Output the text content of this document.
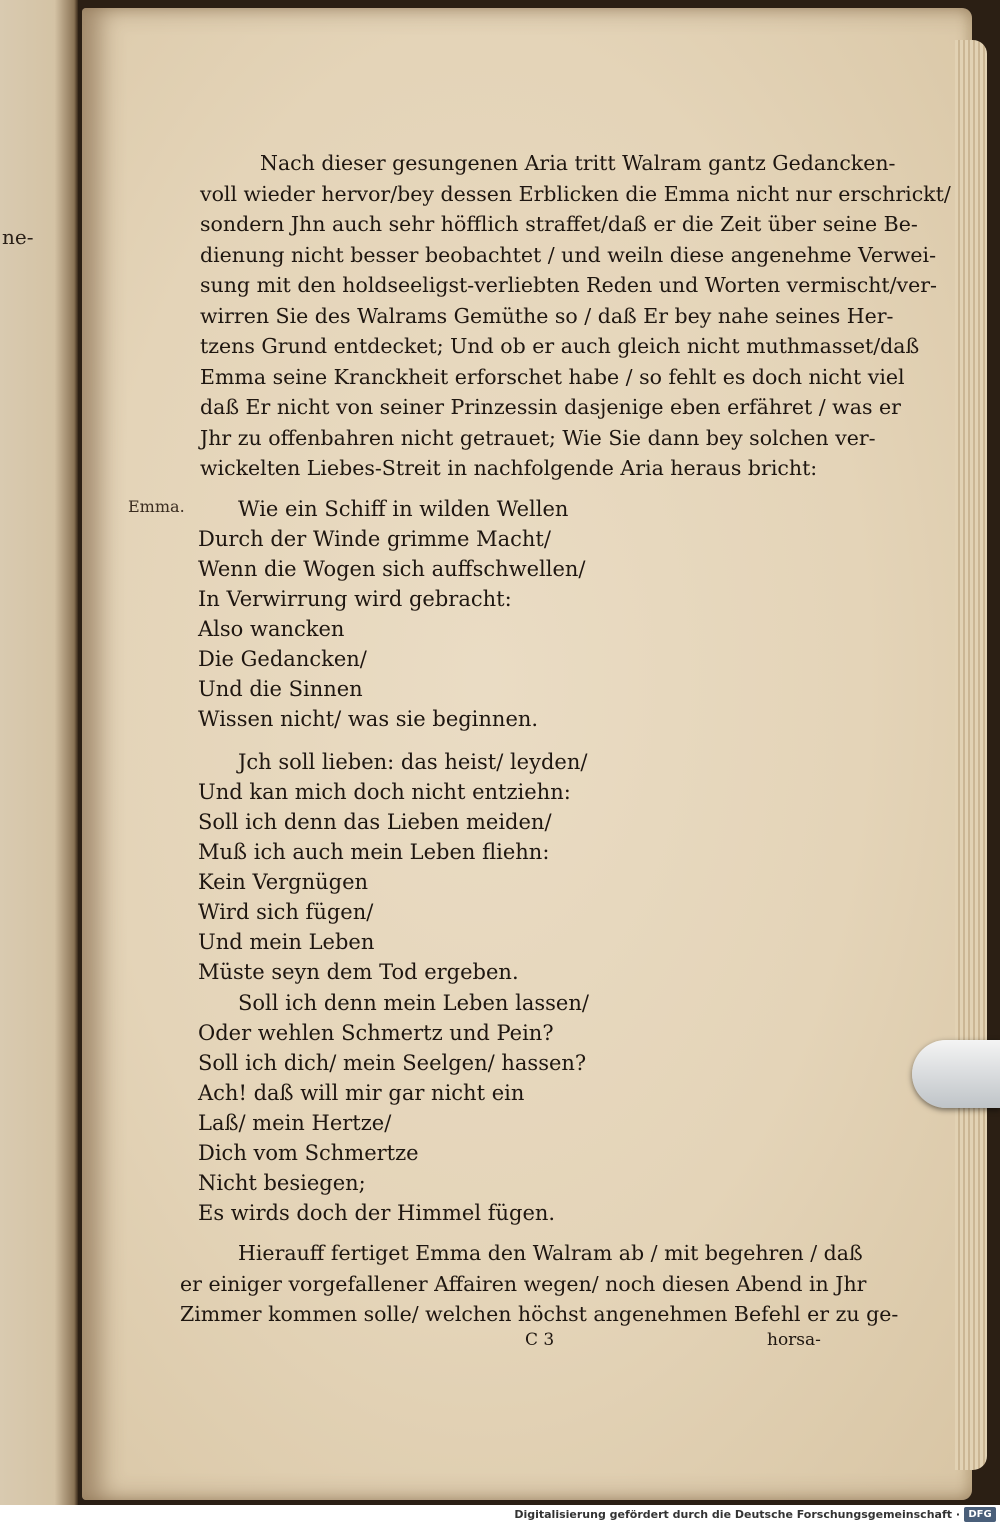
ne-
Nach dieser gesungenen Aria tritt Walram gantz Gedancken-
voll wieder hervor/bey dessen Erblicken die Emma nicht nur erschrickt/
sondern Jhn auch sehr höfflich straffet/daß er die Zeit über seine Be-
dienung nicht besser beobachtet / und weiln diese angenehme Verwei-
sung mit den holdseeligst-verliebten Reden und Worten vermischt/ver-
wirren Sie des Walrams Gemüthe so / daß Er bey nahe seines Her-
tzens Grund entdecket; Und ob er auch gleich nicht muthmasset/daß
Emma seine Kranckheit erforschet habe / so fehlt es doch nicht viel
daß Er nicht von seiner Prinzessin dasjenige eben erfähret / was er
Jhr zu offenbahren nicht getrauet; Wie Sie dann bey solchen ver-
wickelten Liebes-Streit in nachfolgende Aria heraus bricht:
Emma.	Wie ein Schiff in wilden Wellen
Durch der Winde grimme Macht/
Wenn die Wogen sich auffschwellen/
In Verwirrung wird gebracht:
Also wancken
Die Gedancken/
Und die Sinnen
Wissen nicht/ was sie beginnen.
Jch soll lieben: das heist/ leyden/
Und kan mich doch nicht entziehn:
Soll ich denn das Lieben meiden/
Muß ich auch mein Leben fliehn:
Kein Vergnügen
Wird sich fügen/
Und mein Leben
Müste seyn dem Tod ergeben.
Soll ich denn mein Leben lassen/
Oder wehlen Schmertz und Pein?
Soll ich dich/ mein Seelgen/ hassen?
Ach! daß will mir gar nicht ein
Laß/ mein Hertze/
Dich vom Schmertze
Nicht besiegen;
Es wirds doch der Himmel fügen.
Hierauff fertiget Emma den Walram ab / mit begehren / daß
er einiger vorgefallener Affairen wegen/ noch diesen Abend in Jhr
Zimmer kommen solle/ welchen höchst angenehmen Befehl er zu ge-
C 3	horsa-
Digitalisierung gefördert durch die Deutsche Forschungsgemeinschaft · DFG
